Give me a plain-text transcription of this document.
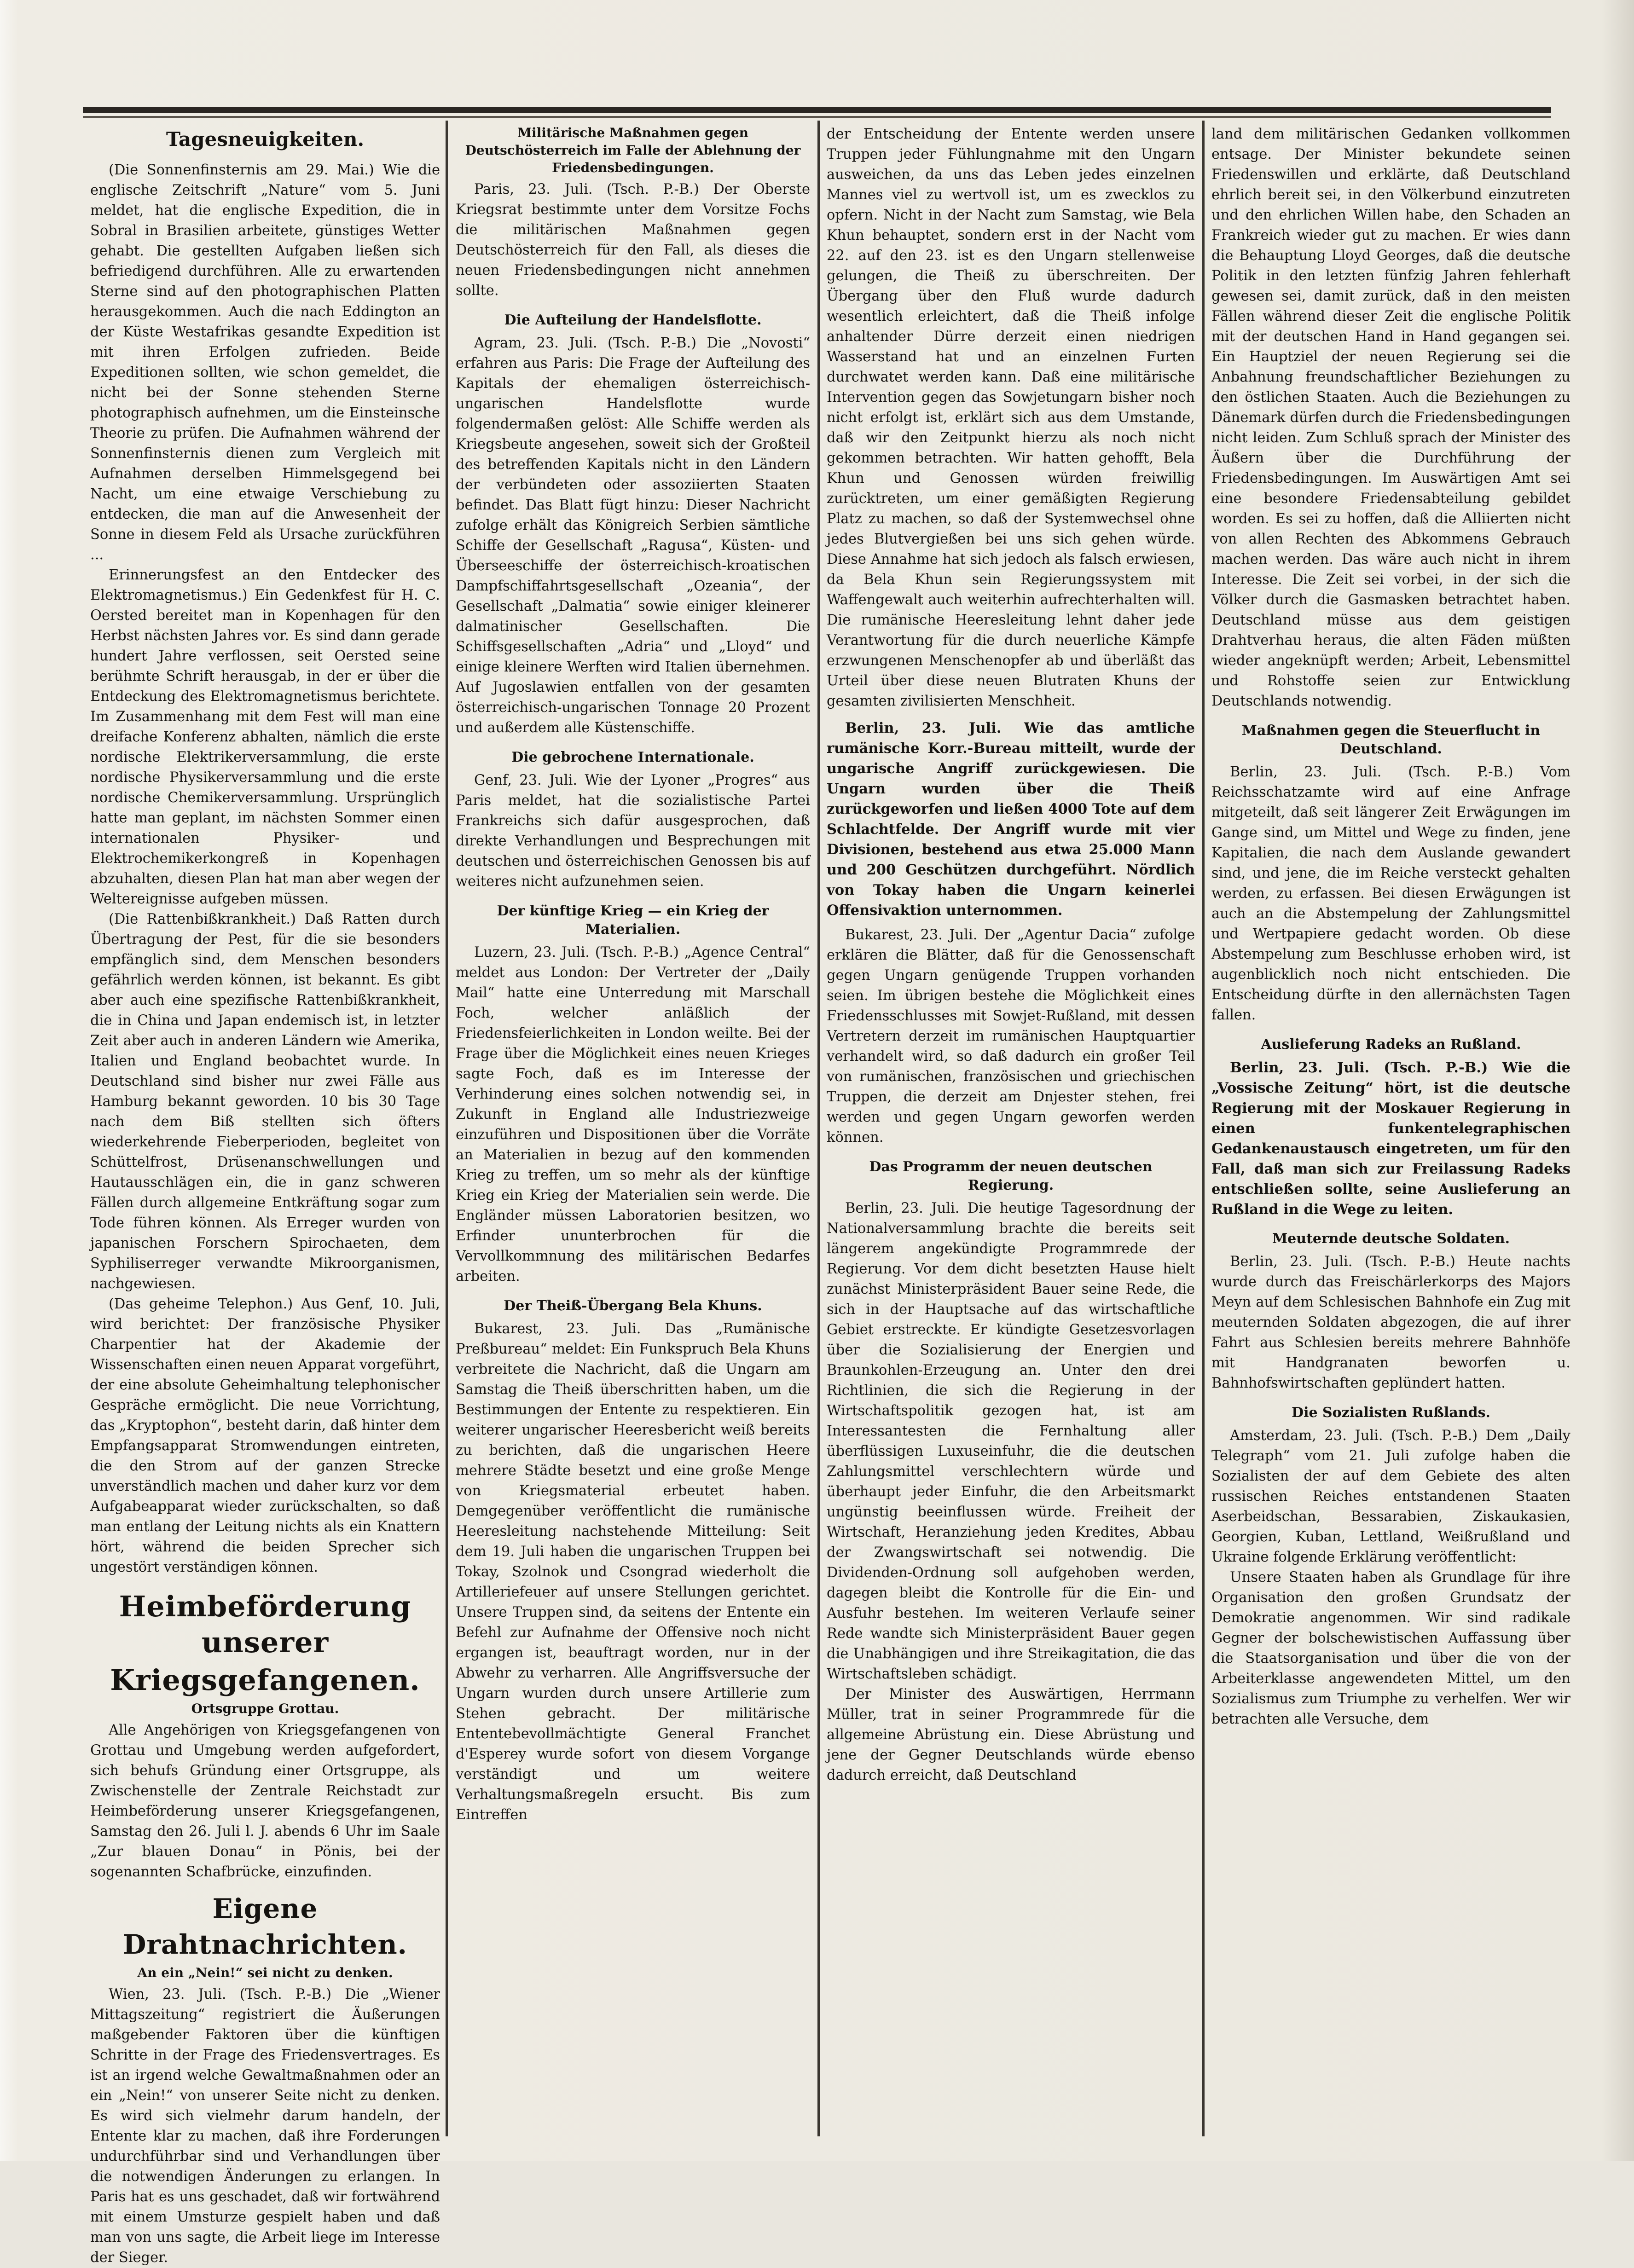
Tagesneuigkeiten.

(Die Sonnenfinsternis am 29. Mai.) Wie die englische Zeitschrift „Nature“ vom 5. Juni meldet, hat die englische Expedition, die in Sobral in Brasilien arbeitete, günstiges Wetter gehabt. Die gestellten Aufgaben ließen sich befriedigend durchführen. Alle zu erwartenden Sterne sind auf den photographischen Platten herausgekommen. Auch die nach Eddington an der Küste Westafrikas gesandte Expedition ist mit ihren Erfolgen zufrieden. Beide Expeditionen sollten, wie schon gemeldet, die nicht bei der Sonne stehenden Sterne photographisch aufnehmen, um die Einsteinsche Theorie zu prüfen. Die Aufnahmen während der Sonnenfinsternis dienen zum Vergleich mit Aufnahmen derselben Himmelsgegend bei Nacht, um eine etwaige Verschiebung zu entdecken, die man auf die Anwesenheit der Sonne in diesem Feld als Ursache zurückführen ...

Erinnerungsfest an den Entdecker des Elektromagnetismus.) Ein Gedenkfest für H. C. Oersted bereitet man in Kopenhagen für den Herbst nächsten Jahres vor. Es sind dann gerade hundert Jahre verflossen, seit Oersted seine berühmte Schrift herausgab, in der er über die Entdeckung des Elektromagnetismus berichtete. Im Zusammenhang mit dem Fest will man eine dreifache Konferenz abhalten, nämlich die erste nordische Elektrikerversammlung, die erste nordische Physikerversammlung und die erste nordische Chemikerversammlung. Ursprünglich hatte man geplant, im nächsten Sommer einen internationalen Physiker- und Elektrochemikerkongreß in Kopenhagen abzuhalten, diesen Plan hat man aber wegen der Weltereignisse aufgeben müssen.

(Die Rattenbißkrankheit.) Daß Ratten durch Übertragung der Pest, für die sie besonders empfänglich sind, dem Menschen besonders gefährlich werden können, ist bekannt. Es gibt aber auch eine spezifische Rattenbißkrankheit, die in China und Japan endemisch ist, in letzter Zeit aber auch in anderen Ländern wie Amerika, Italien und England beobachtet wurde. In Deutschland sind bisher nur zwei Fälle aus Hamburg bekannt geworden. 10 bis 30 Tage nach dem Biß stellten sich öfters wiederkehrende Fieberperioden, begleitet von Schüttelfrost, Drüsenanschwellungen und Hautausschlägen ein, die in ganz schweren Fällen durch allgemeine Entkräftung sogar zum Tode führen können. Als Erreger wurden von japanischen Forschern Spirochaeten, dem Syphiliserreger verwandte Mikroorganismen, nachgewiesen.

(Das geheime Telephon.) Aus Genf, 10. Juli, wird berichtet: Der französische Physiker Charpentier hat der Akademie der Wissenschaften einen neuen Apparat vorgeführt, der eine absolute Geheimhaltung telephonischer Gespräche ermöglicht. Die neue Vorrichtung, das „Kryptophon“, besteht darin, daß hinter dem Empfangsapparat Stromwendungen eintreten, die den Strom auf der ganzen Strecke unverständlich machen und daher kurz vor dem Aufgabeapparat wieder zurückschalten, so daß man entlang der Leitung nichts als ein Knattern hört, während die beiden Sprecher sich ungestört verständigen können.

Heimbeförderung unserer
Kriegsgefangenen.
Ortsgruppe Grottau.

Alle Angehörigen von Kriegsgefangenen von Grottau und Umgebung werden aufgefordert, sich behufs Gründung einer Ortsgruppe, als Zwischenstelle der Zentrale Reichstadt zur Heimbeförderung unserer Kriegsgefangenen, Samstag den 26. Juli l. J. abends 6 Uhr im Saale „Zur blauen Donau“ in Pönis, bei der sogenannten Schafbrücke, einzufinden.

Eigene Drahtnachrichten.
An ein „Nein!“ sei nicht zu denken.

Wien, 23. Juli. (Tsch. P.-B.) Die „Wiener Mittagszeitung“ registriert die Äußerungen maßgebender Faktoren über die künftigen Schritte in der Frage des Friedensvertrages. Es ist an irgend welche Gewaltmaßnahmen oder an ein „Nein!“ von unserer Seite nicht zu denken. Es wird sich vielmehr darum handeln, der Entente klar zu machen, daß ihre Forderungen undurchführbar sind und Verhandlungen über die notwendigen Änderungen zu erlangen. In Paris hat es uns geschadet, daß wir fortwährend mit einem Umsturze gespielt haben und daß man von uns sagte, die Arbeit liege im Interesse der Sieger.

Militärische Maßnahmen gegen Deutschösterreich im Falle der Ablehnung der Friedensbedingungen.

Paris, 23. Juli. (Tsch. P.-B.) Der Oberste Kriegsrat bestimmte unter dem Vorsitze Fochs die militärischen Maßnahmen gegen Deutschösterreich für den Fall, als dieses die neuen Friedensbedingungen nicht annehmen sollte.

Die Aufteilung der Handelsflotte.

Agram, 23. Juli. (Tsch. P.-B.) Die „Novosti“ erfahren aus Paris: Die Frage der Aufteilung des Kapitals der ehemaligen österreichisch-ungarischen Handelsflotte wurde folgendermaßen gelöst: Alle Schiffe werden als Kriegsbeute angesehen, soweit sich der Großteil des betreffenden Kapitals nicht in den Ländern der verbündeten oder assoziierten Staaten befindet. Das Blatt fügt hinzu: Dieser Nachricht zufolge erhält das Königreich Serbien sämtliche Schiffe der Gesellschaft „Ragusa“, Küsten- und Überseeschiffe der österreichisch-kroatischen Dampfschiffahrtsgesellschaft „Ozeania“, der Gesellschaft „Dalmatia“ sowie einiger kleinerer dalmatinischer Gesellschaften. Die Schiffsgesellschaften „Adria“ und „Lloyd“ und einige kleinere Werften wird Italien übernehmen. Auf Jugoslawien entfallen von der gesamten österreichisch-ungarischen Tonnage 20 Prozent und außerdem alle Küstenschiffe.

Die gebrochene Internationale.

Genf, 23. Juli. Wie der Lyoner „Progres“ aus Paris meldet, hat die sozialistische Partei Frankreichs sich dafür ausgesprochen, daß direkte Verhandlungen und Besprechungen mit deutschen und österreichischen Genossen bis auf weiteres nicht aufzunehmen seien.

Der künftige Krieg — ein Krieg der Materialien.

Luzern, 23. Juli. (Tsch. P.-B.) „Agence Central“ meldet aus London: Der Vertreter der „Daily Mail“ hatte eine Unterredung mit Marschall Foch, welcher anläßlich der Friedensfeierlichkeiten in London weilte. Bei der Frage über die Möglichkeit eines neuen Krieges sagte Foch, daß es im Interesse der Verhinderung eines solchen notwendig sei, in Zukunft in England alle Industriezweige einzuführen und Dispositionen über die Vorräte an Materialien in bezug auf den kommenden Krieg zu treffen, um so mehr als der künftige Krieg ein Krieg der Materialien sein werde. Die Engländer müssen Laboratorien besitzen, wo Erfinder ununterbrochen für die Vervollkommnung des militärischen Bedarfes arbeiten.

Der Theiß-Übergang Bela Khuns.

Bukarest, 23. Juli. Das „Rumänische Preßbureau“ meldet: Ein Funkspruch Bela Khuns verbreitete die Nachricht, daß die Ungarn am Samstag die Theiß überschritten haben, um die Bestimmungen der Entente zu respektieren. Ein weiterer ungarischer Heeresbericht weiß bereits zu berichten, daß die ungarischen Heere mehrere Städte besetzt und eine große Menge von Kriegsmaterial erbeutet haben. Demgegenüber veröffentlicht die rumänische Heeresleitung nachstehende Mitteilung: Seit dem 19. Juli haben die ungarischen Truppen bei Tokay, Szolnok und Csongrad wiederholt die Artilleriefeuer auf unsere Stellungen gerichtet. Unsere Truppen sind, da seitens der Entente ein Befehl zur Aufnahme der Offensive noch nicht ergangen ist, beauftragt worden, nur in der Abwehr zu verharren. Alle Angriffsversuche der Ungarn wurden durch unsere Artillerie zum Stehen gebracht. Der militärische Ententebevollmächtigte General Franchet d'Esperey wurde sofort von diesem Vorgange verständigt und um weitere Verhaltungsmaßregeln ersucht. Bis zum Eintreffen

der Entscheidung der Entente werden unsere Truppen jeder Fühlungnahme mit den Ungarn ausweichen, da uns das Leben jedes einzelnen Mannes viel zu wertvoll ist, um es zwecklos zu opfern. Nicht in der Nacht zum Samstag, wie Bela Khun behauptet, sondern erst in der Nacht vom 22. auf den 23. ist es den Ungarn stellenweise gelungen, die Theiß zu überschreiten. Der Übergang über den Fluß wurde dadurch wesentlich erleichtert, daß die Theiß infolge anhaltender Dürre derzeit einen niedrigen Wasserstand hat und an einzelnen Furten durchwatet werden kann. Daß eine militärische Intervention gegen das Sowjetungarn bisher noch nicht erfolgt ist, erklärt sich aus dem Umstande, daß wir den Zeitpunkt hierzu als noch nicht gekommen betrachten. Wir hatten gehofft, Bela Khun und Genossen würden freiwillig zurücktreten, um einer gemäßigten Regierung Platz zu machen, so daß der Systemwechsel ohne jedes Blutvergießen bei uns sich gehen würde. Diese Annahme hat sich jedoch als falsch erwiesen, da Bela Khun sein Regierungssystem mit Waffengewalt auch weiterhin aufrechterhalten will. Die rumänische Heeresleitung lehnt daher jede Verantwortung für die durch neuerliche Kämpfe erzwungenen Menschenopfer ab und überläßt das Urteil über diese neuen Blutraten Khuns der gesamten zivilisierten Menschheit.

Berlin, 23. Juli. Wie das amtliche rumänische Korr.-Bureau mitteilt, wurde der ungarische Angriff zurückgewiesen. Die Ungarn wurden über die Theiß zurückgeworfen und ließen 4000 Tote auf dem Schlachtfelde. Der Angriff wurde mit vier Divisionen, bestehend aus etwa 25.000 Mann und 200 Geschützen durchgeführt. Nördlich von Tokay haben die Ungarn keinerlei Offensivaktion unternommen.

Bukarest, 23. Juli. Der „Agentur Dacia“ zufolge erklären die Blätter, daß für die Genossenschaft gegen Ungarn genügende Truppen vorhanden seien. Im übrigen bestehe die Möglichkeit eines Friedensschlusses mit Sowjet-Rußland, mit dessen Vertretern derzeit im rumänischen Hauptquartier verhandelt wird, so daß dadurch ein großer Teil von rumänischen, französischen und griechischen Truppen, die derzeit am Dnjester stehen, frei werden und gegen Ungarn geworfen werden können.

Das Programm der neuen deutschen Regierung.

Berlin, 23. Juli. Die heutige Tagesordnung der Nationalversammlung brachte die bereits seit längerem angekündigte Programmrede der Regierung. Vor dem dicht besetzten Hause hielt zunächst Ministerpräsident Bauer seine Rede, die sich in der Hauptsache auf das wirtschaftliche Gebiet erstreckte. Er kündigte Gesetzesvorlagen über die Sozialisierung der Energien und Braunkohlen-Erzeugung an. Unter den drei Richtlinien, die sich die Regierung in der Wirtschaftspolitik gezogen hat, ist am Interessantesten die Fernhaltung aller überflüssigen Luxuseinfuhr, die die deutschen Zahlungsmittel verschlechtern würde und überhaupt jeder Einfuhr, die den Arbeitsmarkt ungünstig beeinflussen würde. Freiheit der Wirtschaft, Heranziehung jeden Kredites, Abbau der Zwangswirtschaft sei notwendig. Die Dividenden-Ordnung soll aufgehoben werden, dagegen bleibt die Kontrolle für die Ein- und Ausfuhr bestehen. Im weiteren Verlaufe seiner Rede wandte sich Ministerpräsident Bauer gegen die Unabhängigen und ihre Streikagitation, die das Wirtschaftsleben schädigt.

Der Minister des Auswärtigen, Herrmann Müller, trat in seiner Programmrede für die allgemeine Abrüstung ein. Diese Abrüstung und jene der Gegner Deutschlands würde ebenso dadurch erreicht, daß Deutschland

land dem militärischen Gedanken vollkommen entsage. Der Minister bekundete seinen Friedenswillen und erklärte, daß Deutschland ehrlich bereit sei, in den Völkerbund einzutreten und den ehrlichen Willen habe, den Schaden an Frankreich wieder gut zu machen. Er wies dann die Behauptung Lloyd Georges, daß die deutsche Politik in den letzten fünfzig Jahren fehlerhaft gewesen sei, damit zurück, daß in den meisten Fällen während dieser Zeit die englische Politik mit der deutschen Hand in Hand gegangen sei. Ein Hauptziel der neuen Regierung sei die Anbahnung freundschaftlicher Beziehungen zu den östlichen Staaten. Auch die Beziehungen zu Dänemark dürfen durch die Friedensbedingungen nicht leiden. Zum Schluß sprach der Minister des Äußern über die Durchführung der Friedensbedingungen. Im Auswärtigen Amt sei eine besondere Friedensabteilung gebildet worden. Es sei zu hoffen, daß die Alliierten nicht von allen Rechten des Abkommens Gebrauch machen werden. Das wäre auch nicht in ihrem Interesse. Die Zeit sei vorbei, in der sich die Völker durch die Gasmasken betrachtet haben. Deutschland müsse aus dem geistigen Drahtverhau heraus, die alten Fäden müßten wieder angeknüpft werden; Arbeit, Lebensmittel und Rohstoffe seien zur Entwicklung Deutschlands notwendig.

Maßnahmen gegen die Steuerflucht in Deutschland.

Berlin, 23. Juli. (Tsch. P.-B.) Vom Reichsschatzamte wird auf eine Anfrage mitgeteilt, daß seit längerer Zeit Erwägungen im Gange sind, um Mittel und Wege zu finden, jene Kapitalien, die nach dem Auslande gewandert sind, und jene, die im Reiche versteckt gehalten werden, zu erfassen. Bei diesen Erwägungen ist auch an die Abstempelung der Zahlungsmittel und Wertpapiere gedacht worden. Ob diese Abstempelung zum Beschlusse erhoben wird, ist augenblicklich noch nicht entschieden. Die Entscheidung dürfte in den allernächsten Tagen fallen.

Auslieferung Radeks an Rußland.

Berlin, 23. Juli. (Tsch. P.-B.) Wie die „Vossische Zeitung“ hört, ist die deutsche Regierung mit der Moskauer Regierung in einen funkentelegraphischen Gedankenaustausch eingetreten, um für den Fall, daß man sich zur Freilassung Radeks entschließen sollte, seine Auslieferung an Rußland in die Wege zu leiten.

Meuternde deutsche Soldaten.

Berlin, 23. Juli. (Tsch. P.-B.) Heute nachts wurde durch das Freischärlerkorps des Majors Meyn auf dem Schlesischen Bahnhofe ein Zug mit meuternden Soldaten abgezogen, die auf ihrer Fahrt aus Schlesien bereits mehrere Bahnhöfe mit Handgranaten beworfen u. Bahnhofswirtschaften geplündert hatten.

Die Sozialisten Rußlands.

Amsterdam, 23. Juli. (Tsch. P.-B.) Dem „Daily Telegraph“ vom 21. Juli zufolge haben die Sozialisten der auf dem Gebiete des alten russischen Reiches entstandenen Staaten Aserbeidschan, Bessarabien, Ziskaukasien, Georgien, Kuban, Lettland, Weißrußland und Ukraine folgende Erklärung veröffentlicht:

Unsere Staaten haben als Grundlage für ihre Organisation den großen Grundsatz der Demokratie angenommen. Wir sind radikale Gegner der bolschewistischen Auffassung über die Staatsorganisation und über die von der Arbeiterklasse angewendeten Mittel, um den Sozialismus zum Triumphe zu verhelfen. Wer wir betrachten alle Versuche, dem
